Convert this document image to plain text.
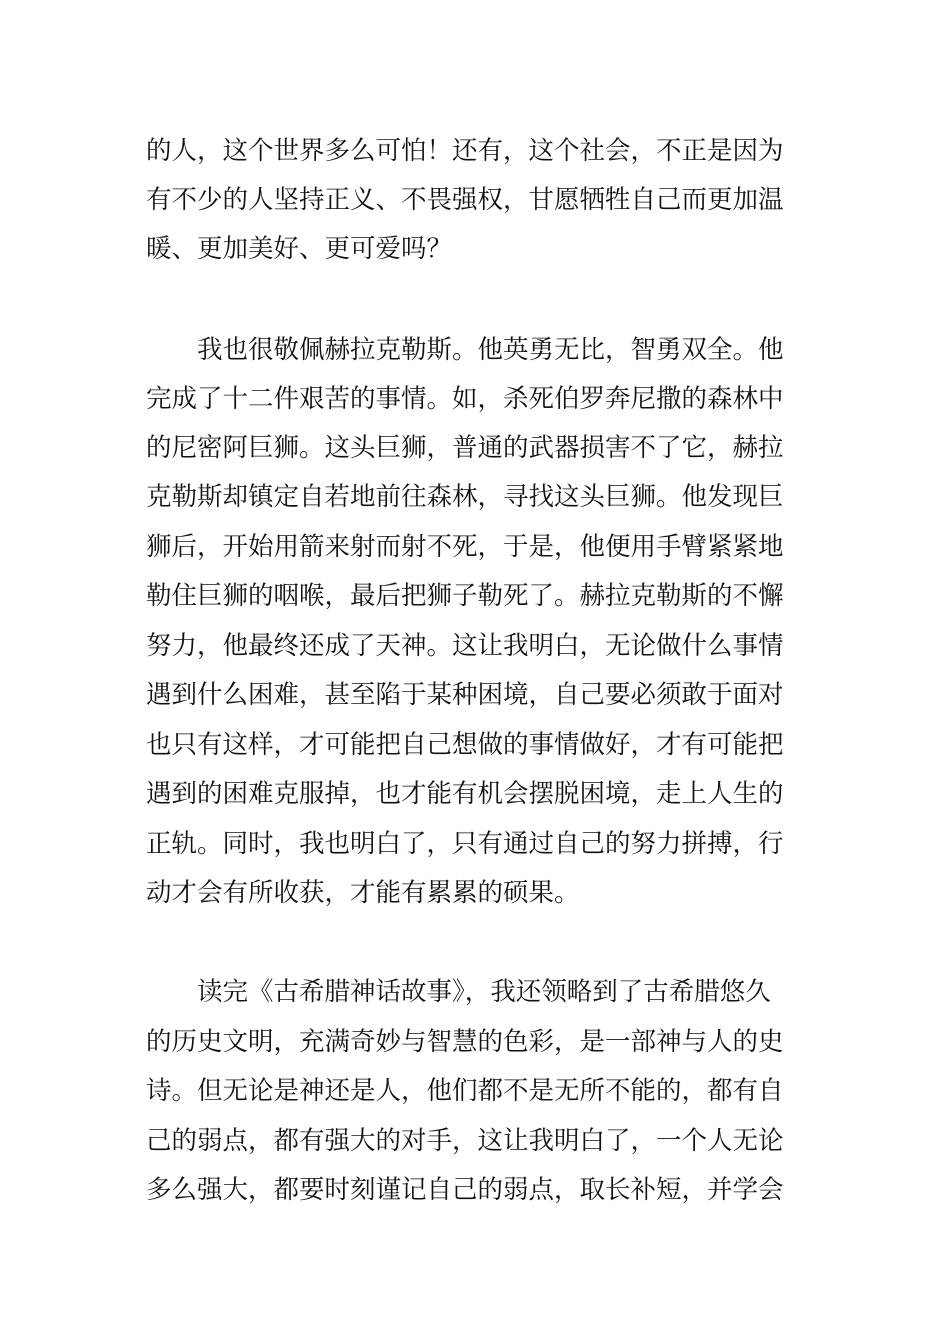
的人，这个世界多么可怕！还有，这个社会，不正是因为
有不少的人坚持正义、不畏强权，甘愿牺牲自己而更加温
暖、更加美好、更可爱吗？
我也很敬佩赫拉克勒斯。他英勇无比，智勇双全。他
完成了十二件艰苦的事情。如，杀死伯罗奔尼撒的森林中
的尼密阿巨狮。这头巨狮，普通的武器损害不了它，赫拉
克勒斯却镇定自若地前往森林，寻找这头巨狮。他发现巨
狮后，开始用箭来射而射不死，于是，他便用手臂紧紧地
勒住巨狮的咽喉，最后把狮子勒死了。赫拉克勒斯的不懈
努力，他最终还成了天神。这让我明白，无论做什么事情
遇到什么困难，甚至陷于某种困境，自己要必须敢于面对
也只有这样，才可能把自己想做的事情做好，才有可能把
遇到的困难克服掉，也才能有机会摆脱困境，走上人生的
正轨。同时，我也明白了，只有通过自己的努力拼搏，行
动才会有所收获，才能有累累的硕果。
读完《古希腊神话故事》，我还领略到了古希腊悠久
的历史文明，充满奇妙与智慧的色彩，是一部神与人的史
诗。但无论是神还是人，他们都不是无所不能的，都有自
己的弱点，都有强大的对手，这让我明白了，一个人无论
多么强大，都要时刻谨记自己的弱点，取长补短，并学会
